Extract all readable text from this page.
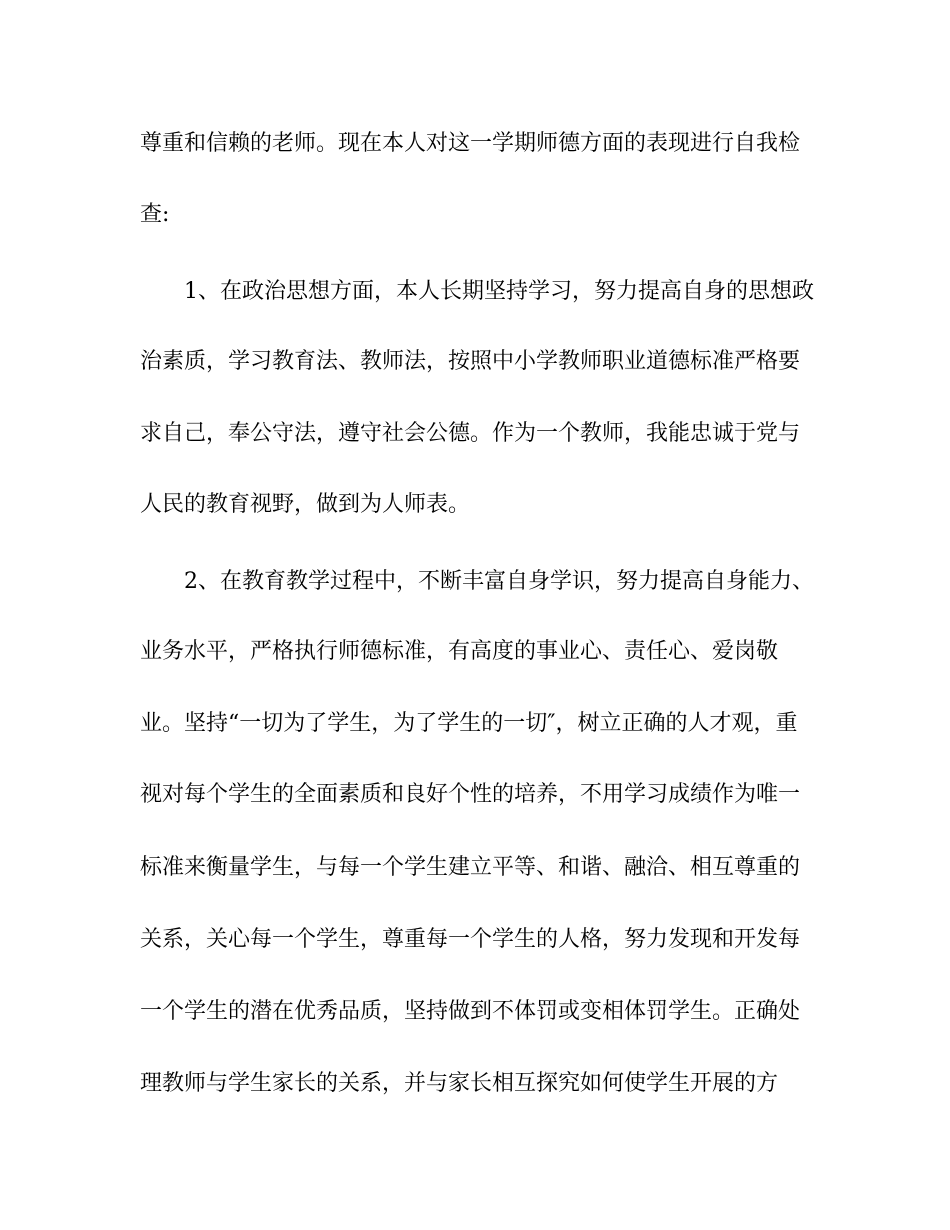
尊重和信赖的老师。现在本人对这一学期师德方面的表现进行自我检

查:

1、在政治思想方面，本人长期坚持学习，努力提高自身的思想政

治素质，学习教育法、教师法，按照中小学教师职业道德标准严格要

求自己，奉公守法，遵守社会公德。作为一个教师，我能忠诚于党与

人民的教育视野，做到为人师表。

2、在教育教学过程中，不断丰富自身学识，努力提高自身能力、

业务水平，严格执行师德标准，有高度的事业心、责任心、爱岗敬

业。坚持“一切为了学生，为了学生的一切″，树立正确的人才观，重

视对每个学生的全面素质和良好个性的培养，不用学习成绩作为唯一

标准来衡量学生，与每一个学生建立平等、和谐、融洽、相互尊重的

关系，关心每一个学生，尊重每一个学生的人格，努力发现和开发每

一个学生的潜在优秀品质，坚持做到不体罚或变相体罚学生。正确处

理教师与学生家长的关系，并与家长相互探究如何使学生开展的方
